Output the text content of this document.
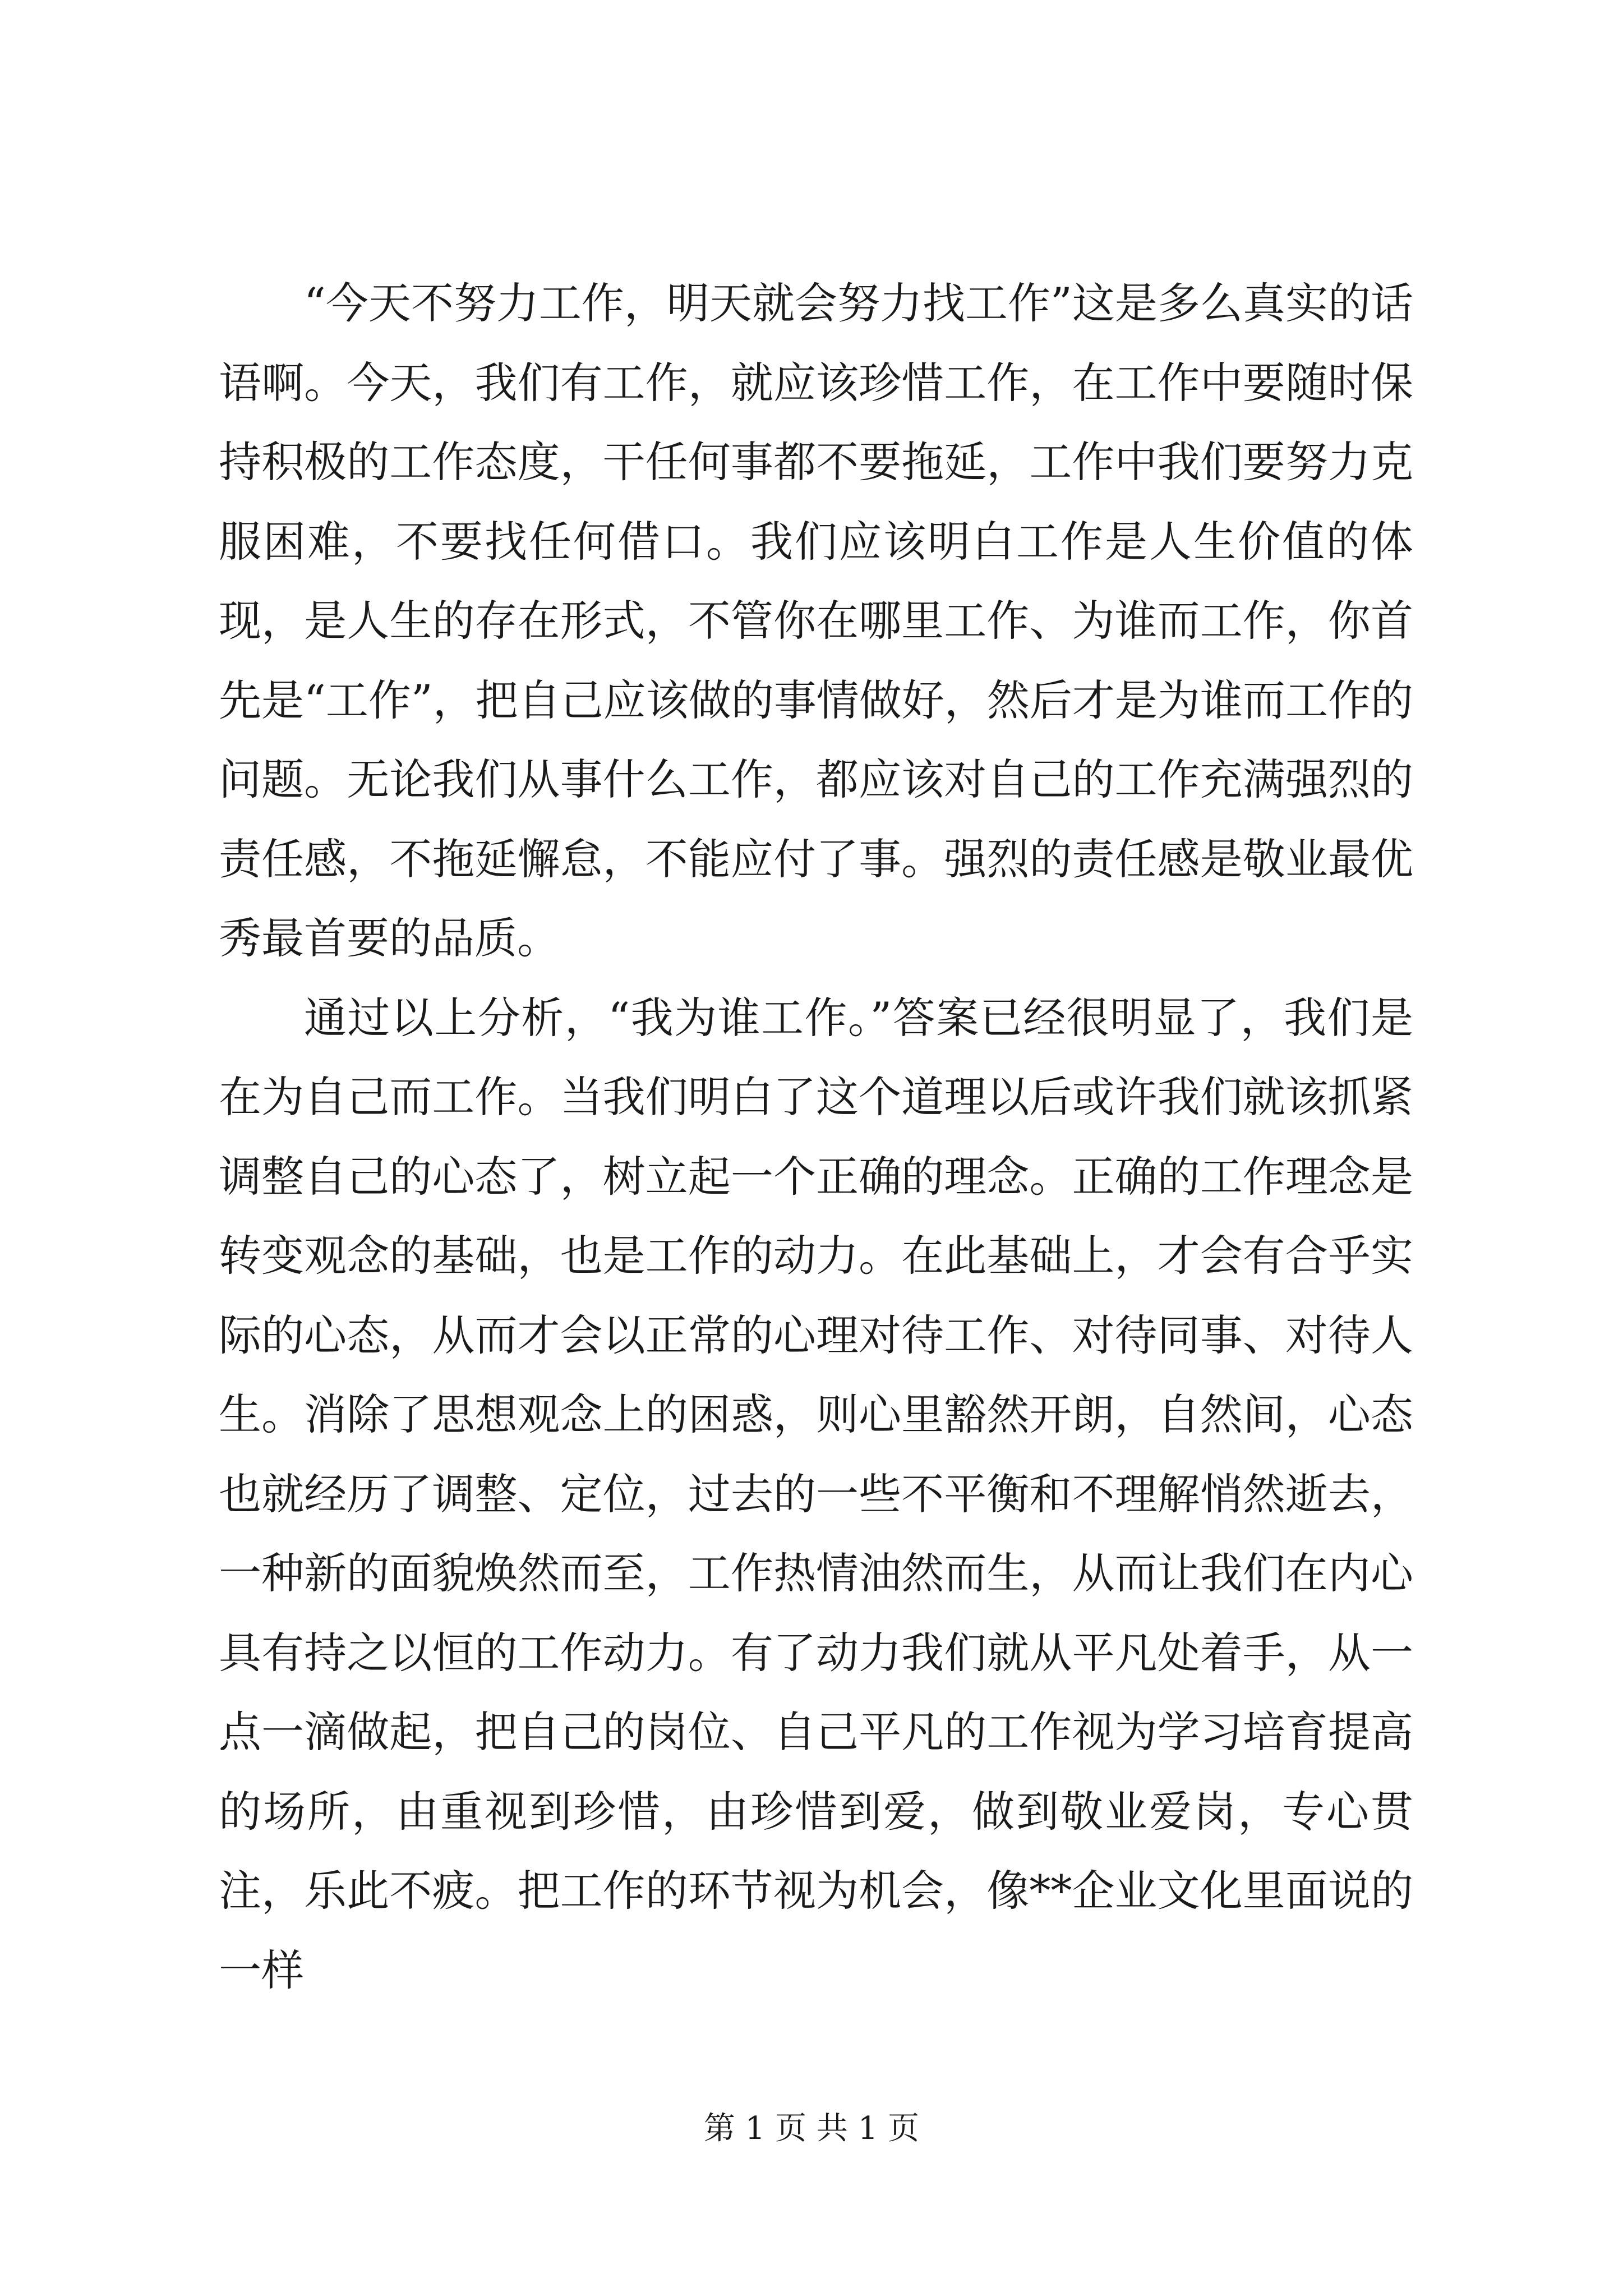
“今天不努力工作，明天就会努力找工作”这是多么真实的话语啊。今天，我们有工作，就应该珍惜工作，在工作中要随时保持积极的工作态度，干任何事都不要拖延，工作中我们要努力克服困难，不要找任何借口。我们应该明白工作是人生价值的体现，是人生的存在形式，不管你在哪里工作、为谁而工作，你首先是“工作”，把自己应该做的事情做好，然后才是为谁而工作的问题。无论我们从事什么工作，都应该对自己的工作充满强烈的责任感，不拖延懈怠，不能应付了事。强烈的责任感是敬业最优秀最首要的品质。

通过以上分析，“我为谁工作。”答案已经很明显了，我们是在为自己而工作。当我们明白了这个道理以后或许我们就该抓紧调整自己的心态了，树立起一个正确的理念。正确的工作理念是转变观念的基础，也是工作的动力。在此基础上，才会有合乎实际的心态，从而才会以正常的心理对待工作、对待同事、对待人生。消除了思想观念上的困惑，则心里豁然开朗，自然间，心态也就经历了调整、定位，过去的一些不平衡和不理解悄然逝去，一种新的面貌焕然而至，工作热情油然而生，从而让我们在内心具有持之以恒的工作动力。有了动力我们就从平凡处着手，从一点一滴做起，把自己的岗位、自己平凡的工作视为学习培育提高的场所，由重视到珍惜，由珍惜到爱，做到敬业爱岗，专心贯注，乐此不疲。把工作的环节视为机会，像**企业文化里面说的一样

第 1 页 共 1 页
